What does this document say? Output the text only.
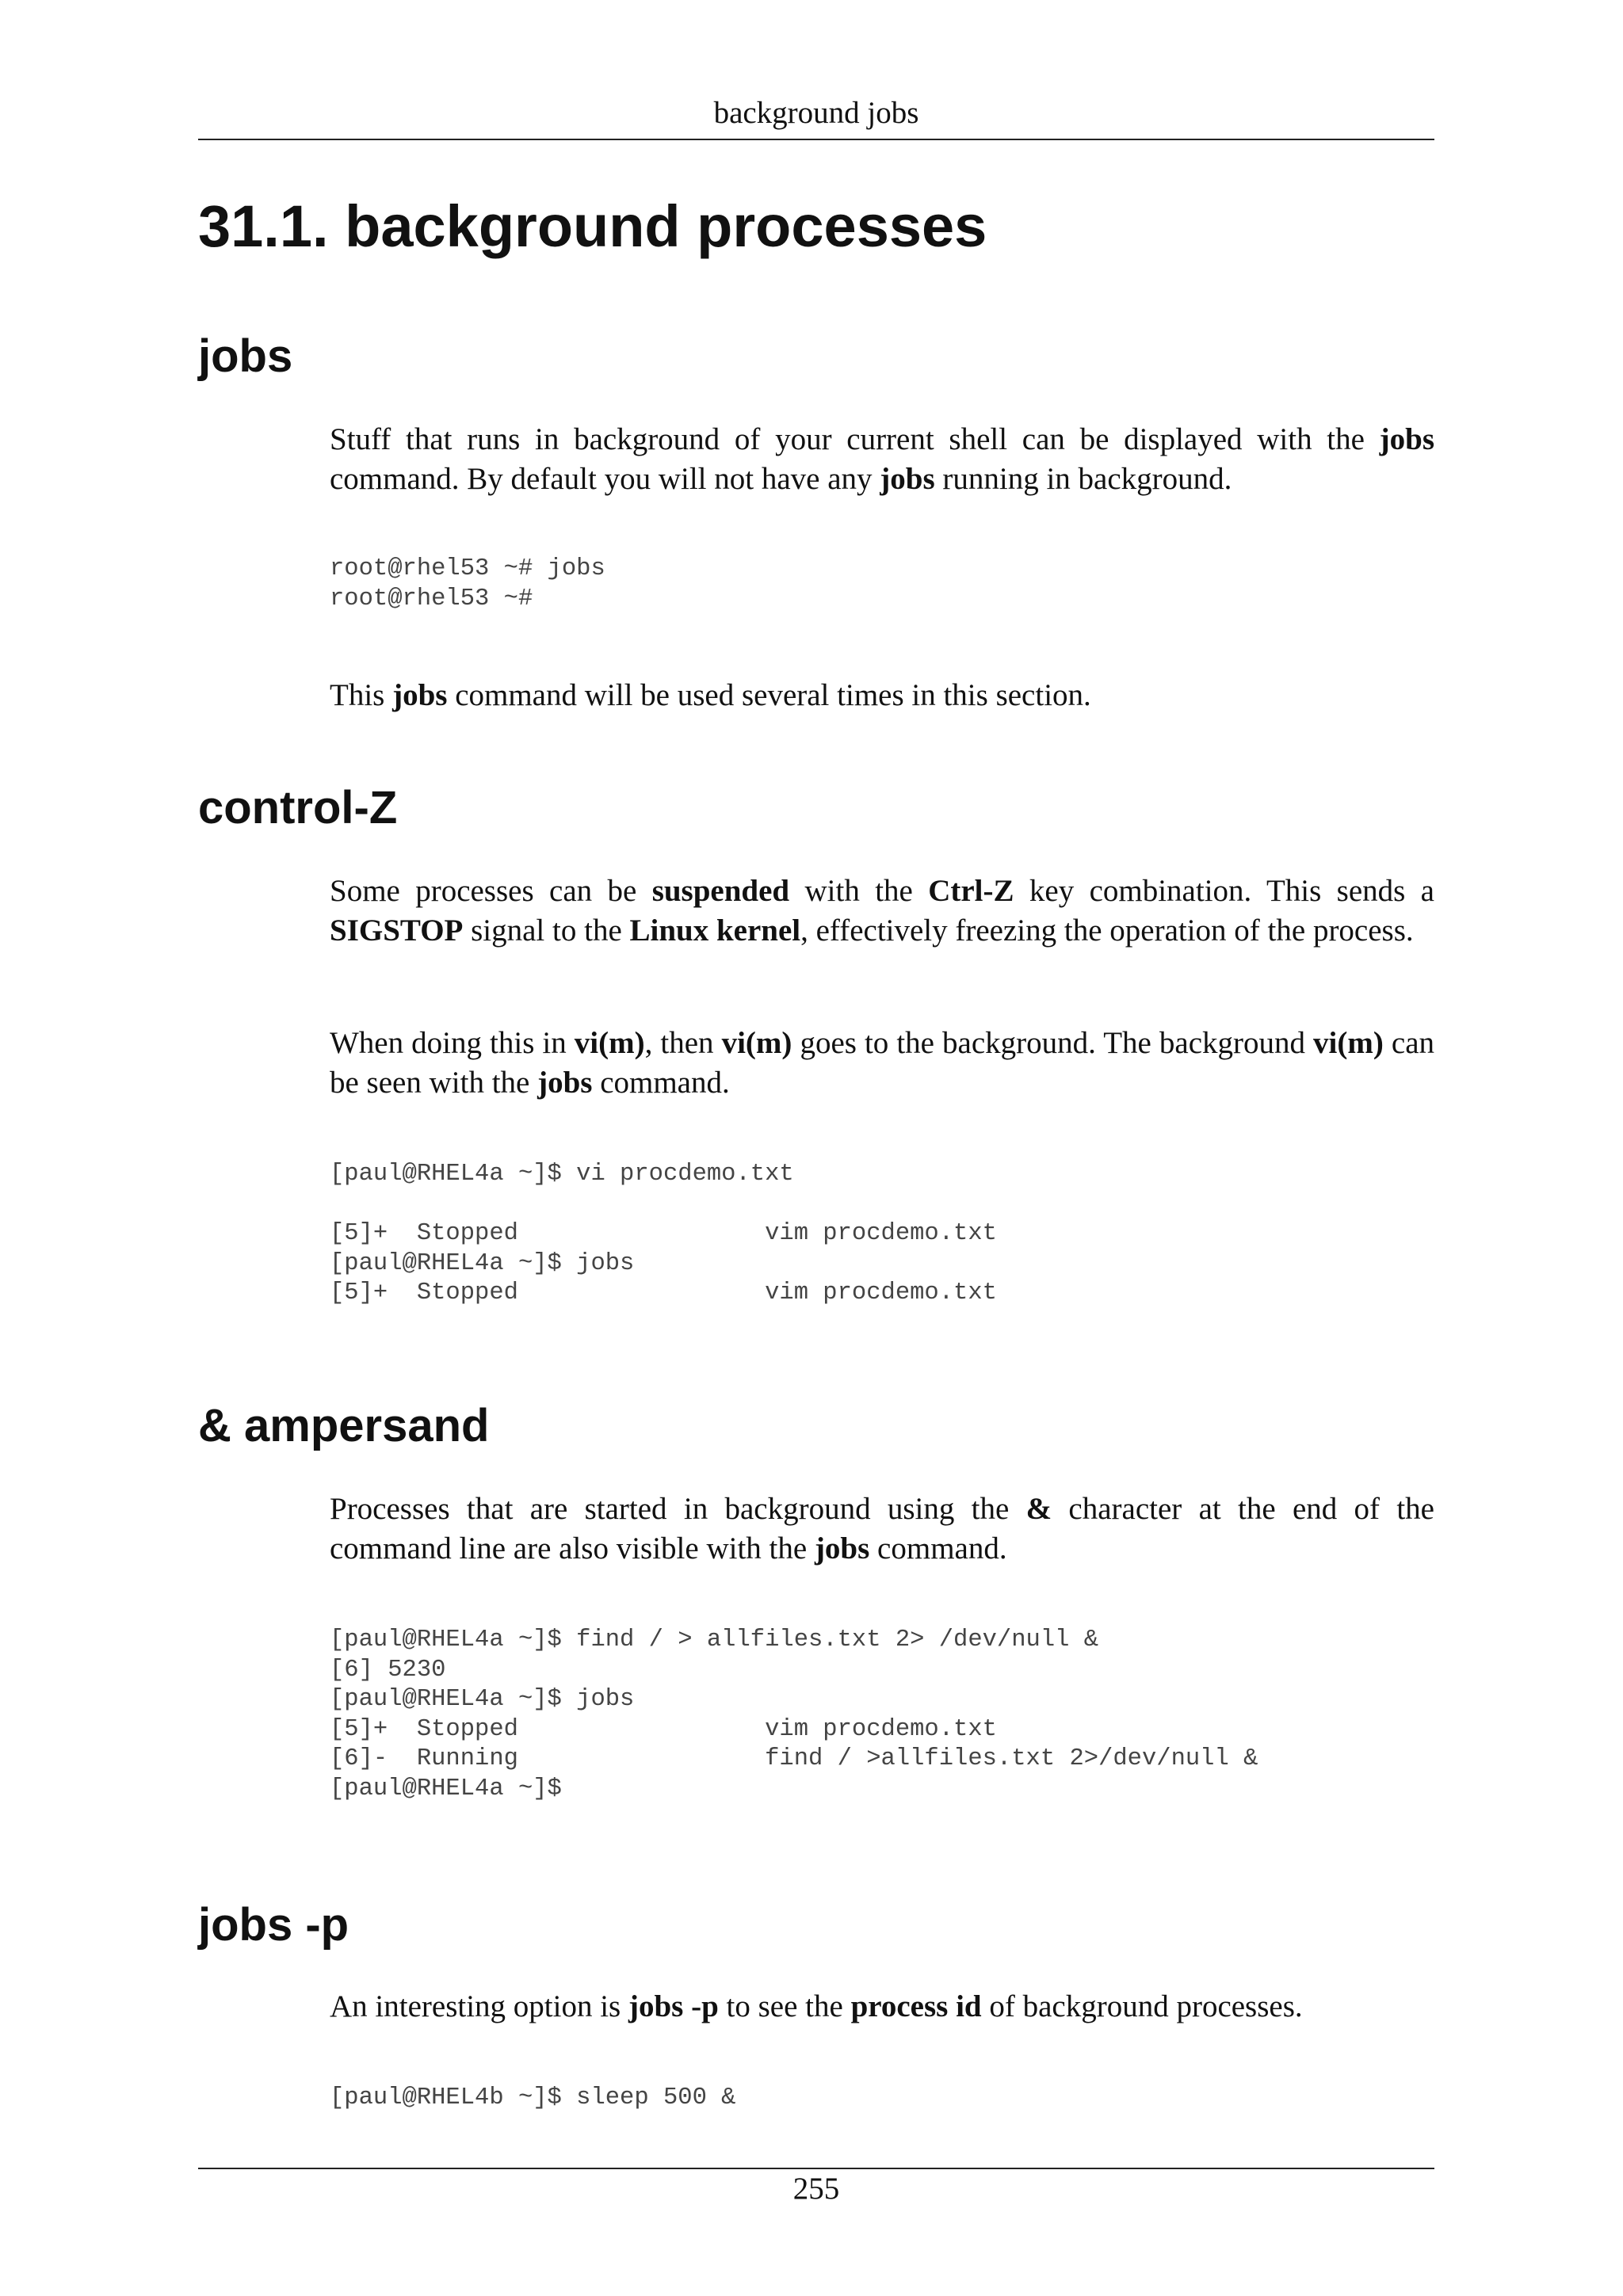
background jobs
31.1. background processes
jobs

Stuff that runs in background of your current shell can be displayed with the jobs command. By default you will not have any jobs running in background.

root@rhel53 ~# jobs
root@rhel53 ~#

This jobs command will be used several times in this section.

control-Z

Some processes can be suspended with the Ctrl-Z key combination. This sends a SIGSTOP signal to the Linux kernel, effectively freezing the operation of the process.

When doing this in vi(m), then vi(m) goes to the background. The background vi(m) can be seen with the jobs command.

[paul@RHEL4a ~]$ vi procdemo.txt

[5]+  Stopped                 vim procdemo.txt
[paul@RHEL4a ~]$ jobs
[5]+  Stopped                 vim procdemo.txt
& ampersand

Processes that are started in background using the & character at the end of the command line are also visible with the jobs command.

[paul@RHEL4a ~]$ find / > allfiles.txt 2> /dev/null &
[6] 5230
[paul@RHEL4a ~]$ jobs
[5]+  Stopped                 vim procdemo.txt
[6]-  Running                 find / >allfiles.txt 2>/dev/null &
[paul@RHEL4a ~]$
jobs -p

An interesting option is jobs -p to see the process id of background processes.

[paul@RHEL4b ~]$ sleep 500 &
255
